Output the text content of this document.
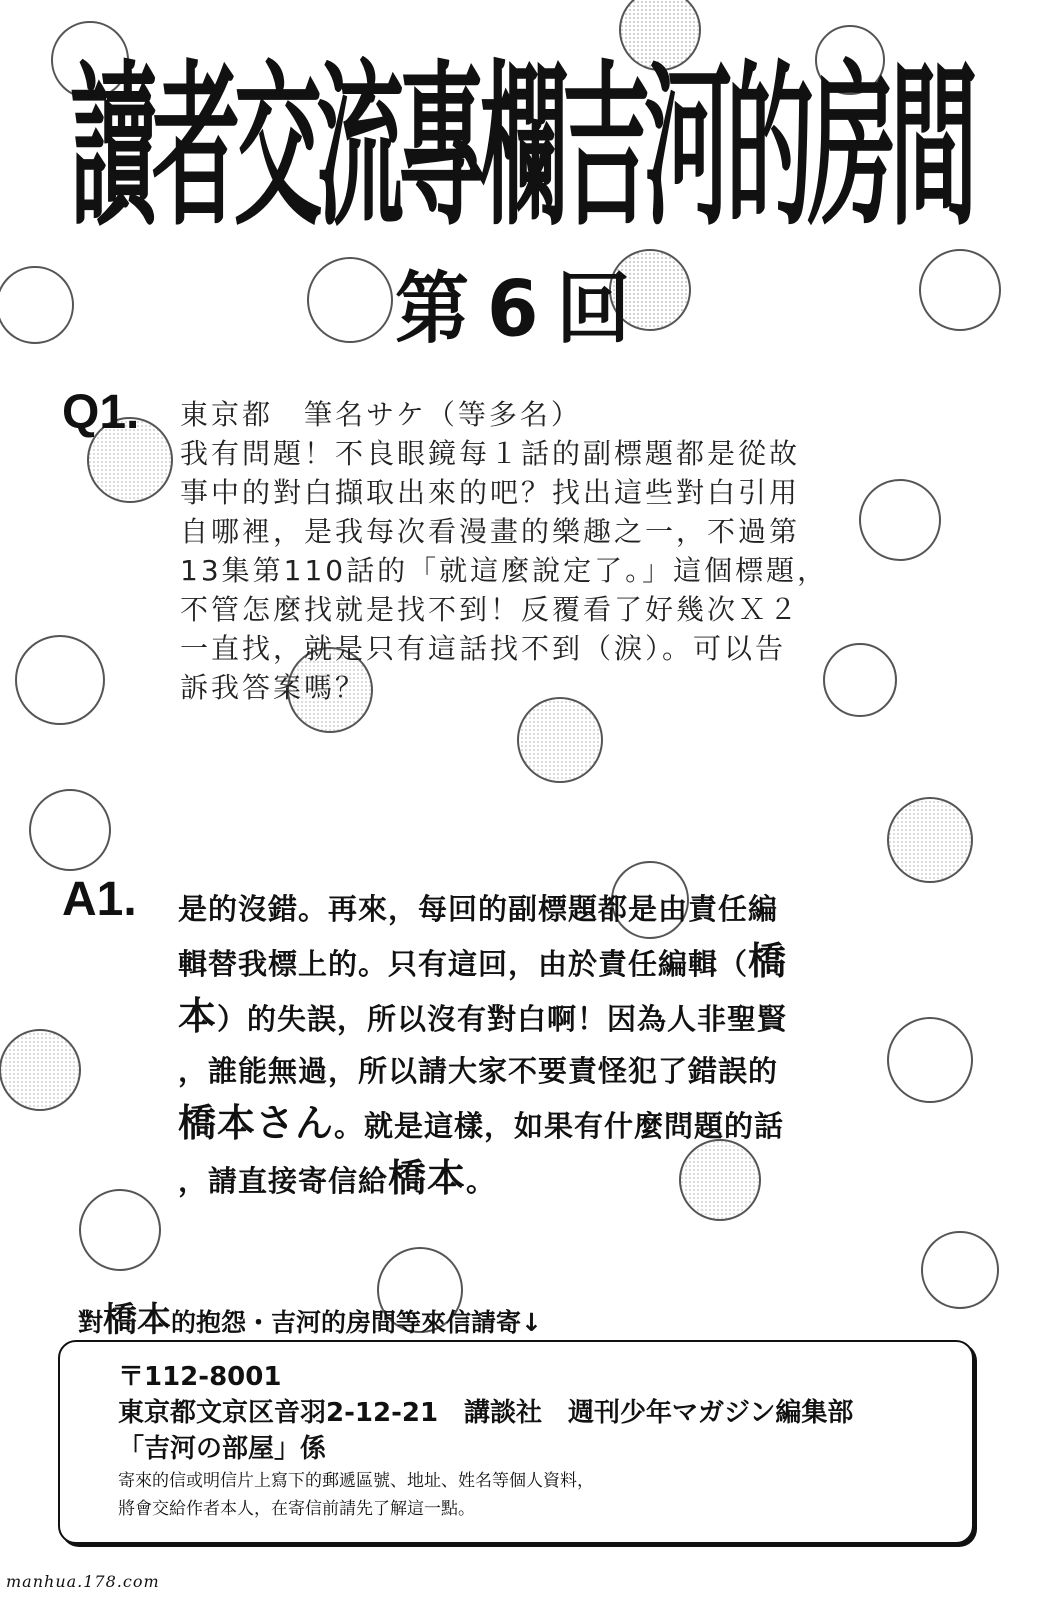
讀者交流專欄吉河的房間
第6回
Q1. 東京都　筆名サケ（等多名）
我有問題！不良眼鏡每１話的副標題都是從故
事中的對白擷取出來的吧？找出這些對白引用
自哪裡，是我每次看漫畫的樂趣之一，不過第
13集第110話的「就這麼說定了。」這個標題，
不管怎麼找就是找不到！反覆看了好幾次Ｘ２
一直找，就是只有這話找不到（淚）。可以告
訴我答案嗎？
A1. 是的沒錯。再來，每回的副標題都是由責任編
輯替我標上的。只有這回，由於責任編輯（橋
本）的失誤，所以沒有對白啊！因為人非聖賢
，誰能無過，所以請大家不要責怪犯了錯誤的
橋本さん。就是這樣，如果有什麼問題的話
，請直接寄信給橋本。
對橋本的抱怨・吉河的房間等來信請寄↓
〒112-8001
東京都文京区音羽2-12-21　講談社　週刊少年マガジン編集部
「吉河の部屋」係
寄來的信或明信片上寫下的郵遞區號、地址、姓名等個人資料，
將會交給作者本人，在寄信前請先了解這一點。
manhua.178.com
